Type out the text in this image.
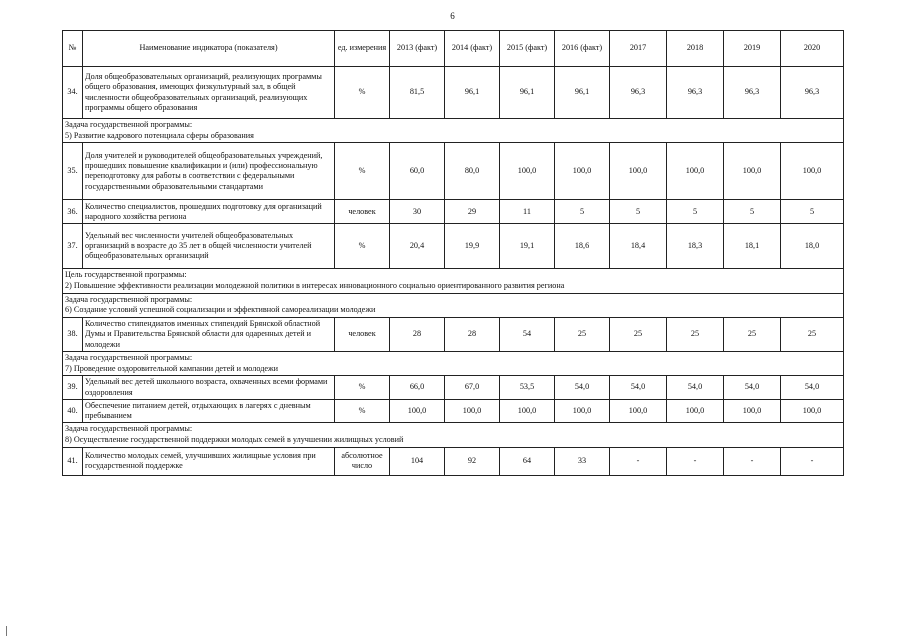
6
№	Наименование индикатора (показателя)	ед. измерения	2013 (факт)	2014 (факт)	2015 (факт)	2016 (факт)	2017	2018	2019	2020
34.	Доля общеобразовательных организаций, реализующих программы общего образования, имеющих физкультурный зал, в общей численности общеобразовательных организаций, реализующих программы общего образования	%	81,5	96,1	96,1	96,1	96,3	96,3	96,3	96,3

Задача государственной программы:
5) Развитие кадрового потенциала сферы образования										

35.	Доля учителей и руководителей общеобразовательных учреждений, прошедших повышение квалификации и (или) профессиональную переподготовку для работы в соответствии с федеральными государственными образовательными стандартами	%	60,0	80,0	100,0	100,0	100,0	100,0	100,0	100,0
36.	Количество специалистов, прошедших подготовку для организаций народного хозяйства региона	человек	30	29	11	5	5	5	5	5
37.	Удельный вес численности учителей общеобразовательных организаций в возрасте до 35 лет в общей численности учителей общеобразовательных организаций	%	20,4	19,9	19,1	18,6	18,4	18,3	18,1	18,0

Цель государственной программы:
2) Повышение эффективности реализации молодежной политики в интересах инновационного социально ориентированного развития региона										

Задача государственной программы:
6) Создание условий успешной социализации и эффективной самореализации молодежи										

38.	Количество стипендиатов именных стипендий Брянской областной Думы и Правительства Брянской области для одаренных детей и молодежи	человек	28	28	54	25	25	25	25	25

Задача государственной программы:
7) Проведение оздоровительной кампании детей и молодежи										

39.	Удельный вес детей школьного возраста, охваченных всеми формами оздоровления	%	66,0	67,0	53,5	54,0	54,0	54,0	54,0	54,0
40.	Обеспечение питанием детей, отдыхающих в лагерях с дневным пребыванием	%	100,0	100,0	100,0	100,0	100,0	100,0	100,0	100,0

Задача государственной программы:
8) Осуществление государственной поддержки молодых семей в улучшении жилищных условий										

41.	Количество молодых семей, улучшивших жилищные условия при государственной поддержке	абсолютное число	104	92	64	33	-	-	-	-
